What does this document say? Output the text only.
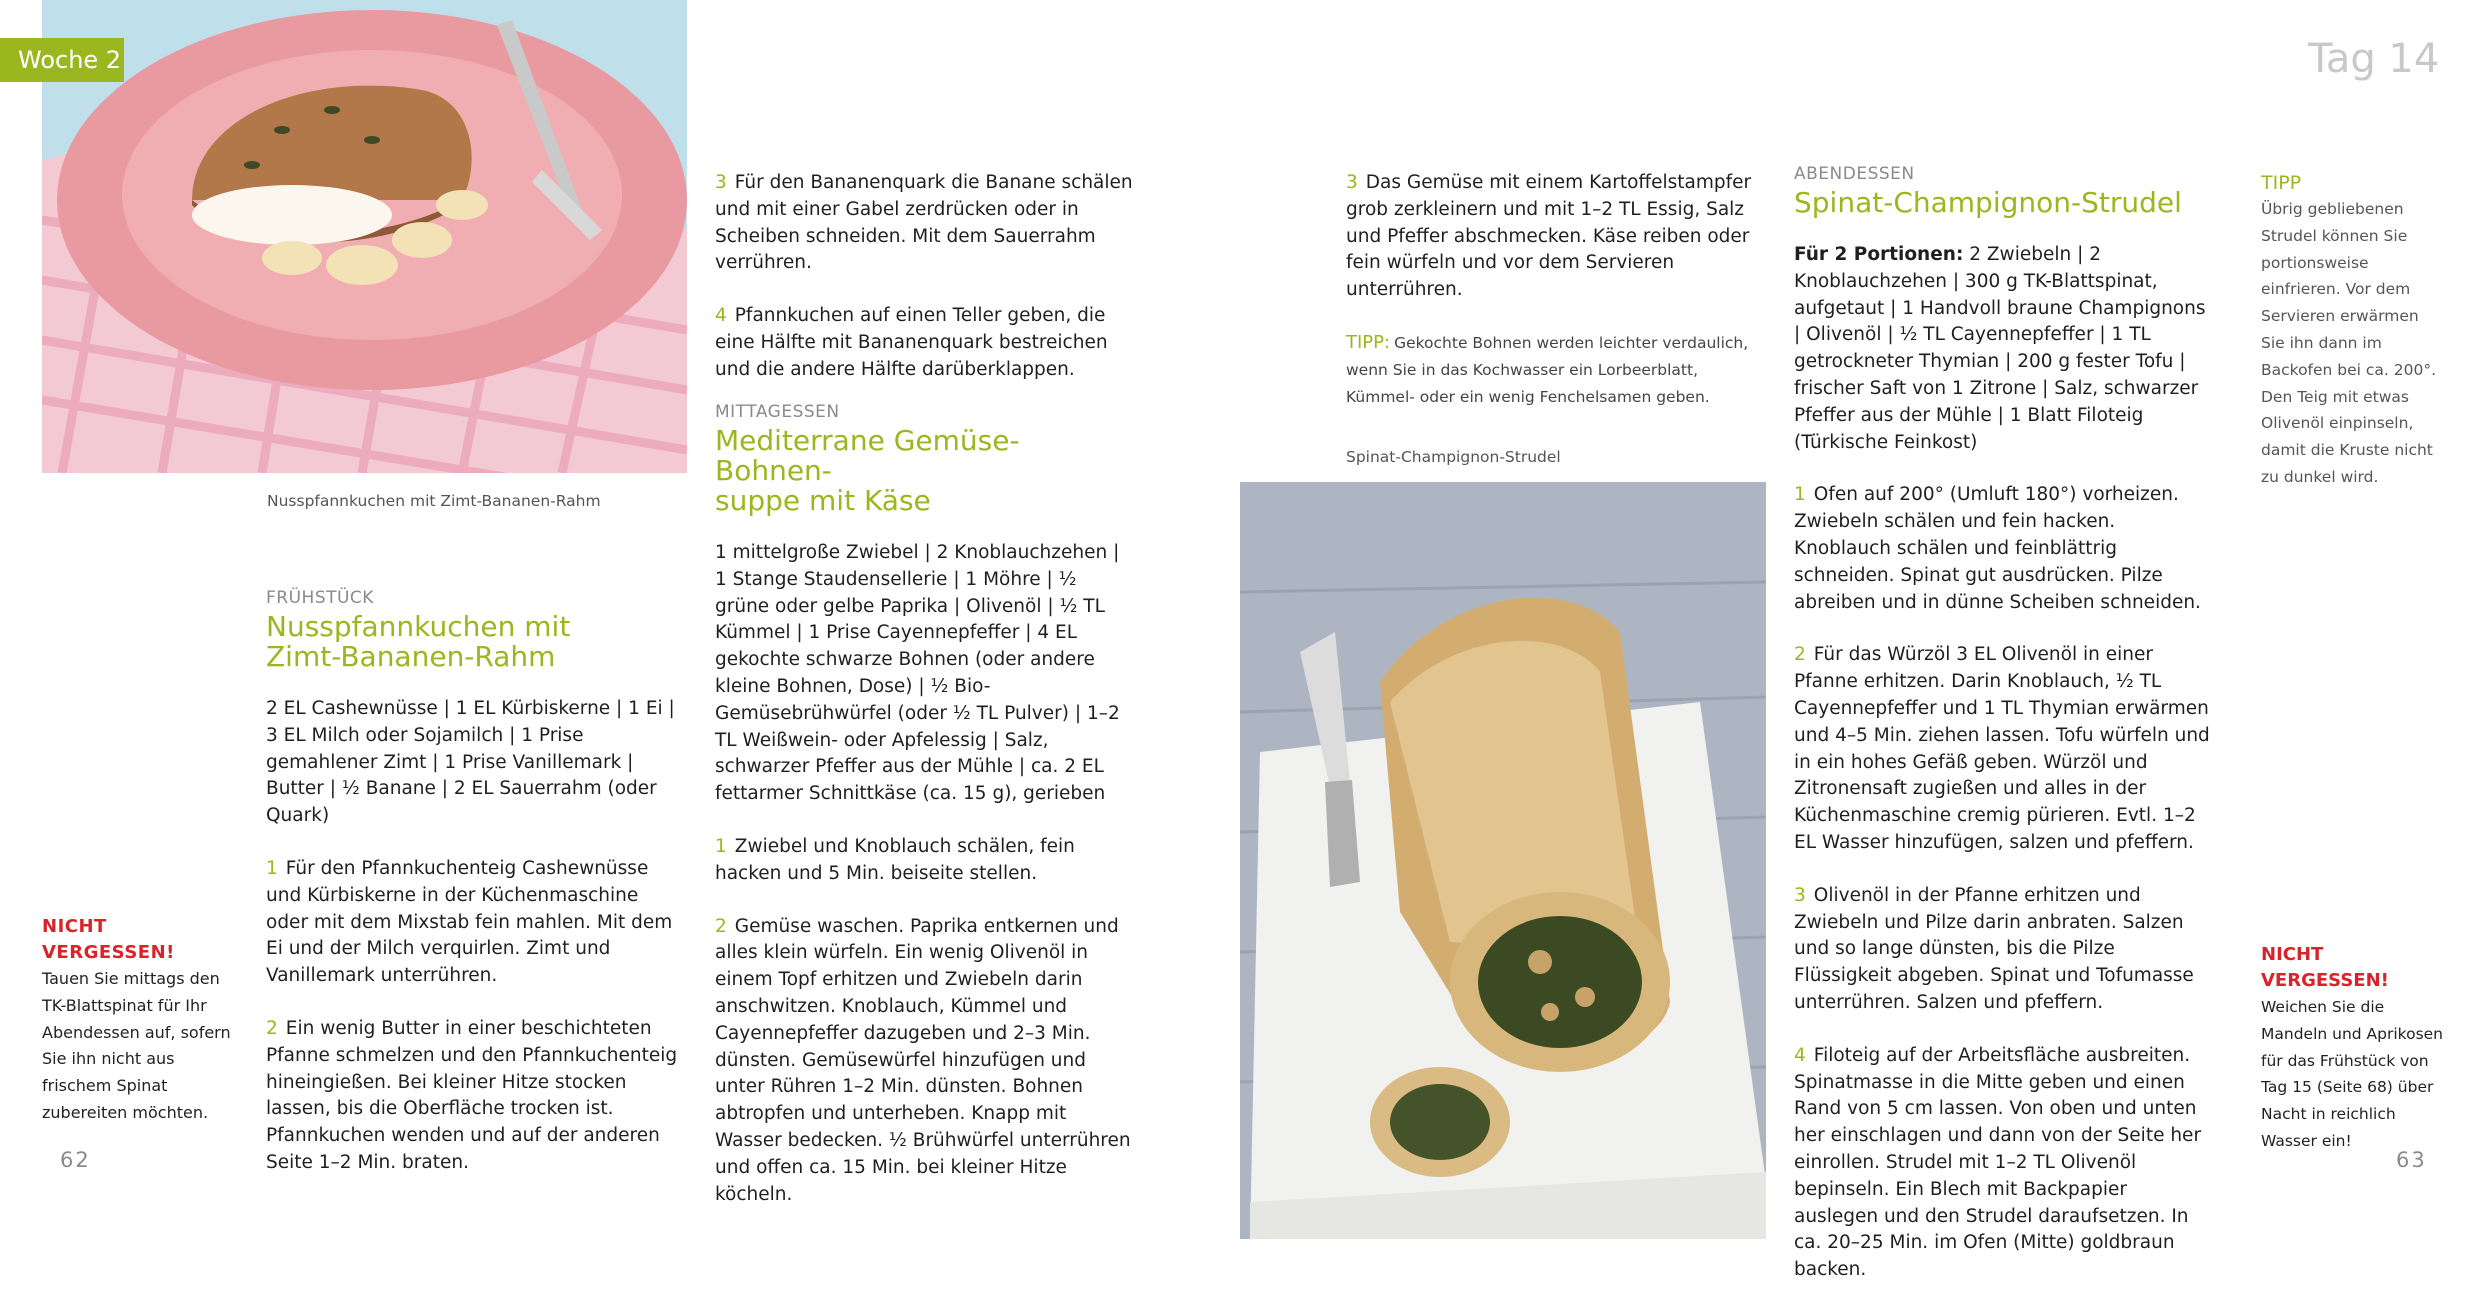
Woche 2
Nusspfannkuchen mit Zimt-Bananen-Rahm
NICHT VERGESSEN!
Tauen Sie mittags den TK-Blattspinat für Ihr Abendessen auf, sofern Sie ihn nicht aus frischem Spinat zubereiten möchten.
62
FRÜHSTÜCK
Nusspfannkuchen mit
Zimt-Bananen-Rahm

2 EL Cashewnüsse | 1 EL Kürbiskerne | 1 Ei | 3 EL Milch oder Sojamilch | 1 Prise gemahlener Zimt | 1 Prise Vanillemark | Butter | ½ Banane | 2 EL Sauerrahm (oder Quark)

1 Für den Pfannkuchenteig Cashewnüsse und Kürbiskerne in der Küchenmaschine oder mit dem Mixstab fein mahlen. Mit dem Ei und der Milch verquirlen. Zimt und Vanillemark unterrühren.

2 Ein wenig Butter in einer beschichteten Pfanne schmelzen und den Pfannkuchenteig hineingießen. Bei kleiner Hitze stocken lassen, bis die Oberfläche trocken ist. Pfannkuchen wenden und auf der anderen Seite 1–2 Min. braten.

3 Für den Bananenquark die Banane schälen und mit einer Gabel zerdrücken oder in Scheiben schneiden. Mit dem Sauerrahm verrühren.

4 Pfannkuchen auf einen Teller geben, die eine Hälfte mit Bananenquark bestreichen und die andere Hälfte darüberklappen.

MITTAGESSEN
Mediterrane Gemüse-Bohnen-
suppe mit Käse

1 mittelgroße Zwiebel | 2 Knoblauchzehen | 1 Stange Staudensellerie | 1 Möhre | ½ grüne oder gelbe Paprika | Olivenöl | ½ TL Kümmel | 1 Prise Cayennepfeffer | 4 EL gekochte schwarze Bohnen (oder andere kleine Bohnen, Dose) | ½ Bio-Gemüsebrühwürfel (oder ½ TL Pulver) | 1–2 TL Weißwein- oder Apfelessig | Salz, schwarzer Pfeffer aus der Mühle | ca. 2 EL fettarmer Schnittkäse (ca. 15 g), gerieben

1 Zwiebel und Knoblauch schälen, fein hacken und 5 Min. beiseite stellen.

2 Gemüse waschen. Paprika entkernen und alles klein würfeln. Ein wenig Olivenöl in einem Topf erhitzen und Zwiebeln darin anschwitzen. Knoblauch, Kümmel und Cayennepfeffer dazugeben und 2–3 Min. dünsten. Gemüsewürfel hinzufügen und unter Rühren 1–2 Min. dünsten. Bohnen abtropfen und unterheben. Knapp mit Wasser bedecken. ½ Brühwürfel unterrühren und offen ca. 15 Min. bei kleiner Hitze köcheln.

Tag 14

3 Das Gemüse mit einem Kartoffelstampfer grob zerkleinern und mit 1–2 TL Essig, Salz und Pfeffer abschmecken. Käse reiben oder fein würfeln und vor dem Servieren unterrühren.

TIPP: Gekochte Bohnen werden leichter verdaulich, wenn Sie in das Kochwasser ein Lorbeerblatt, Kümmel- oder ein wenig Fenchelsamen geben.
Spinat-Champignon-Strudel
ABENDESSEN
Spinat-Champignon-Strudel

Für 2 Portionen: 2 Zwiebeln | 2 Knoblauchzehen | 300 g TK-Blattspinat, aufgetaut | 1 Handvoll braune Champignons | Olivenöl | ½ TL Cayennepfeffer | 1 TL getrockneter Thymian | 200 g fester Tofu | frischer Saft von 1 Zitrone | Salz, schwarzer Pfeffer aus der Mühle | 1 Blatt Filoteig (Türkische Feinkost)

1 Ofen auf 200° (Umluft 180°) vorheizen. Zwiebeln schälen und fein hacken. Knoblauch schälen und feinblättrig schneiden. Spinat gut ausdrücken. Pilze abreiben und in dünne Scheiben schneiden.

2 Für das Würzöl 3 EL Olivenöl in einer Pfanne erhitzen. Darin Knoblauch, ½ TL Cayennepfeffer und 1 TL Thymian erwärmen und 4–5 Min. ziehen lassen. Tofu würfeln und in ein hohes Gefäß geben. Würzöl und Zitronensaft zugießen und alles in der Küchenmaschine cremig pürieren. Evtl. 1–2 EL Wasser hinzufügen, salzen und pfeffern.

3 Olivenöl in der Pfanne erhitzen und Zwiebeln und Pilze darin anbraten. Salzen und so lange dünsten, bis die Pilze Flüssigkeit abgeben. Spinat und Tofumasse unterrühren. Salzen und pfeffern.

4 Filoteig auf der Arbeitsfläche ausbreiten. Spinatmasse in die Mitte geben und einen Rand von 5 cm lassen. Von oben und unten her einschlagen und dann von der Seite her einrollen. Strudel mit 1–2 TL Olivenöl bepinseln. Ein Blech mit Backpapier auslegen und den Strudel daraufsetzen. In ca. 20–25 Min. im Ofen (Mitte) goldbraun backen.

TIPP
Übrig gebliebenen Strudel können Sie portionsweise einfrieren. Vor dem Servieren erwärmen Sie ihn dann im Backofen bei ca. 200°. Den Teig mit etwas Olivenöl einpinseln, damit die Kruste nicht zu dunkel wird.
NICHT VERGESSEN!
Weichen Sie die Mandeln und Aprikosen für das Frühstück von Tag 15 (Seite 68) über Nacht in reichlich Wasser ein!
63
